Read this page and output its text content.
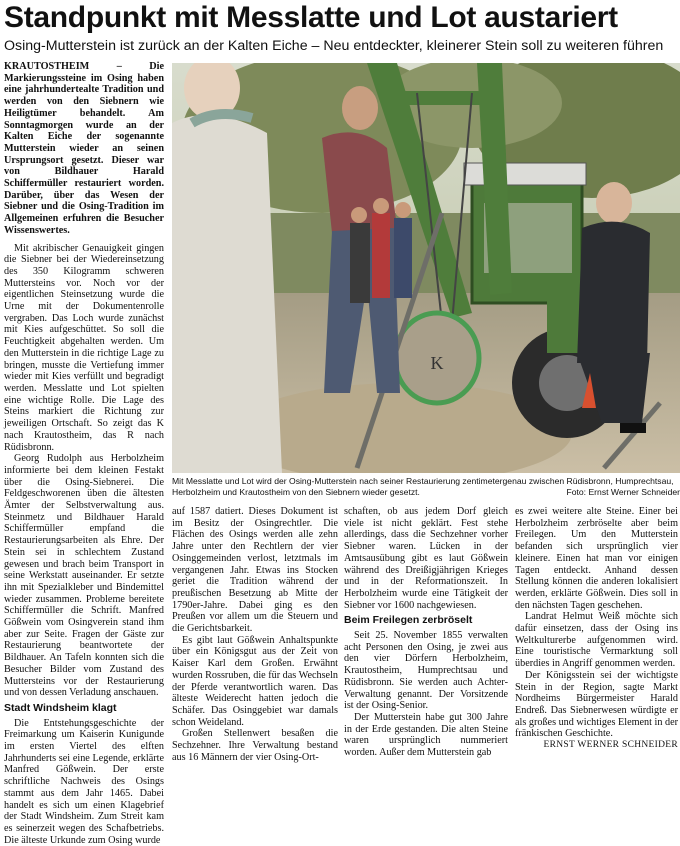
Standpunkt mit Messlatte und Lot austariert
Osing-Mutterstein ist zurück an der Kalten Eiche – Neu entdeckter, kleinerer Stein soll zu weiteren führen

KRAUTOSTHEIM – Die Markierungssteine im Osing haben eine jahrhundertealte Tradition und werden von den Siebnern wie Heiligtümer behandelt. Am Sonntagmorgen wurde an der Kalten Eiche der sogenannte Mutterstein wieder an seinen Ursprungsort gesetzt. Dieser war von Bildhauer Harald Schiffermüller restauriert worden. Darüber, über das Wesen der Siebner und die Osing-Tradition im Allgemeinen erfuhren die Besucher Wissenswertes.

Mit akribischer Genauigkeit gingen die Siebner bei der Wiedereinsetzung des 350 Kilogramm schweren Muttersteins vor. Noch vor der eigentlichen Steinsetzung wurde die Urne mit der Dokumentenrolle vergraben. Das Loch wurde zunächst mit Kies aufgeschüttet. So soll die Feuchtigkeit abgehalten werden. Um den Mutterstein in die richtige Lage zu bringen, musste die Vertiefung immer wieder mit Kies verfüllt und begradigt werden. Messlatte und Lot spielten eine wichtige Rolle. Die Lage des Steins markiert die Richtung zur jeweiligen Ortschaft. So zeigt das K nach Krautostheim, das R nach Rüdisbronn.

Georg Rudolph aus Herbolzheim informierte bei dem kleinen Festakt über die Osing-Siebnerei. Die Feldgeschworenen üben die ältesten Ämter der Selbstverwaltung aus. Steinmetz und Bildhauer Harald Schiffermüller empfand die Restaurierungsarbeiten als Ehre. Der Stein sei in schlechtem Zustand gewesen und brach beim Transport in seine Werkstatt auseinander. Er setzte ihn mit Spezialkleber und Bindemittel wieder zusammen. Probleme bereitete Schiffermüller die Schrift. Manfred Gößwein vom Osingverein stand ihm aber zur Seite. Fragen der Gäste zur Restaurierung beantwortete der Bildhauer. An Tafeln konnten sich die Besucher Bilder vom Zustand des Muttersteins vor der Restaurierung und von dessen Verladung anschauen.

Stadt Windsheim klagt

Die Entstehungsgeschichte der Freimarkung um Kaiserin Kunigunde im ersten Viertel des elften Jahrhunderts sei eine Legende, erklärte Manfred Gößwein. Der erste schriftliche Nachweis des Osings stammt aus dem Jahr 1465. Dabei handelt es sich um einen Klagebrief der Stadt Windsheim. Zum Streit kam es seinerzeit wegen des Schafbetriebs. Die älteste Urkunde zum Osing wurde

K
Mit Messlatte und Lot wird der Osing-Mutterstein nach seiner Restaurierung zentimetergenau zwischen Rüdisbronn, Humprechtsau, Herbolzheim und Krautostheim von den Siebnern wieder gesetzt.	Foto: Ernst Werner Schneider

auf 1587 datiert. Dieses Dokument ist im Besitz der Osingrechtler. Die Flächen des Osings werden alle zehn Jahre unter den Rechtlern der vier Osinggemeinden verlost, letztmals im vergangenen Jahr. Etwas ins Stocken geriet die Tradition während der preußischen Besetzung ab Mitte der 1790er-Jahre. Dabei ging es den Preußen vor allem um die Steuern und die Gerichtsbarkeit.

Es gibt laut Gößwein Anhaltspunkte über ein Königsgut aus der Zeit von Kaiser Karl dem Großen. Erwähnt wurden Rossruben, die für das Wechseln der Pferde verantwortlich waren. Das älteste Weiderecht hatten jedoch die Schäfer. Das Osinggebiet war damals schon Weideland.

Großen Stellenwert besaßen die Sechzehner. Ihre Verwaltung bestand aus 16 Männern der vier Osing-Ort-

schaften, ob aus jedem Dorf gleich viele ist nicht geklärt. Fest stehe allerdings, dass die Sechzehner vorher Siebner waren. Lücken in der Amtsausübung gibt es laut Gößwein während des Dreißigjährigen Krieges und in der Reformationszeit. In Herbolzheim wurde eine Tätigkeit der Siebner vor 1600 nachgewiesen.

Beim Freilegen zerbröselt

Seit 25. November 1855 verwalten acht Personen den Osing, je zwei aus den vier Dörfern Herbolzheim, Krautostheim, Humprechtsau und Rüdisbronn. Sie werden auch Achter-Verwaltung genannt. Der Vorsitzende ist der Osing-Senior.

Der Mutterstein habe gut 300 Jahre in der Erde gestanden. Die alten Steine waren ursprünglich nummeriert worden. Außer dem Mutterstein gab

es zwei weitere alte Steine. Einer bei Herbolzheim zerbröselte aber beim Freilegen. Um den Mutterstein befanden sich ursprünglich vier kleinere. Einen hat man vor einigen Tagen entdeckt. Anhand dessen Stellung können die anderen lokalisiert werden, erklärte Gößwein. Dies soll in den nächsten Tagen geschehen.

Landrat Helmut Weiß möchte sich dafür einsetzen, dass der Osing ins Weltkulturerbe aufgenommen wird. Eine touristische Vermarktung soll überdies in Angriff genommen werden.

Der Königsstein sei der wichtigste Stein in der Region, sagte Markt Nordheims Bürgermeister Harald Endreß. Das Siebnerwesen würdigte er als großes und wichtiges Element in der fränkischen Geschichte.

ERNST WERNER SCHNEIDER
